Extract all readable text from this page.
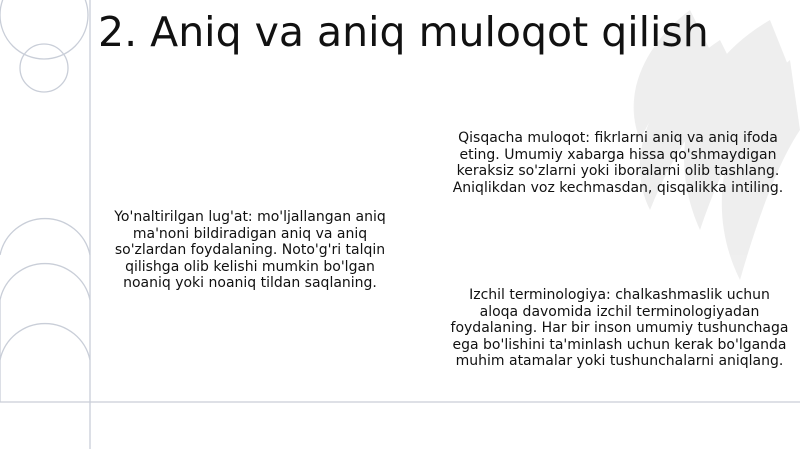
2. Aniq va aniq muloqot qilish
Qisqacha muloqot: fikrlarni aniq va aniq ifoda eting. Umumiy xabarga hissa qo'shmaydigan keraksiz so'zlarni yoki iboralarni olib tashlang. Aniqlikdan voz kechmasdan, qisqalikka intiling.
Yo'naltirilgan lug'at: mo'ljallangan aniq ma'noni bildiradigan aniq va aniq so'zlardan foydalaning. Noto'g'ri talqin qilishga olib kelishi mumkin bo'lgan noaniq yoki noaniq tildan saqlaning.
Izchil terminologiya: chalkashmaslik uchun aloqa davomida izchil terminologiyadan foydalaning. Har bir inson umumiy tushunchaga ega bo'lishini ta'minlash uchun kerak bo'lganda muhim atamalar yoki tushunchalarni aniqlang.
